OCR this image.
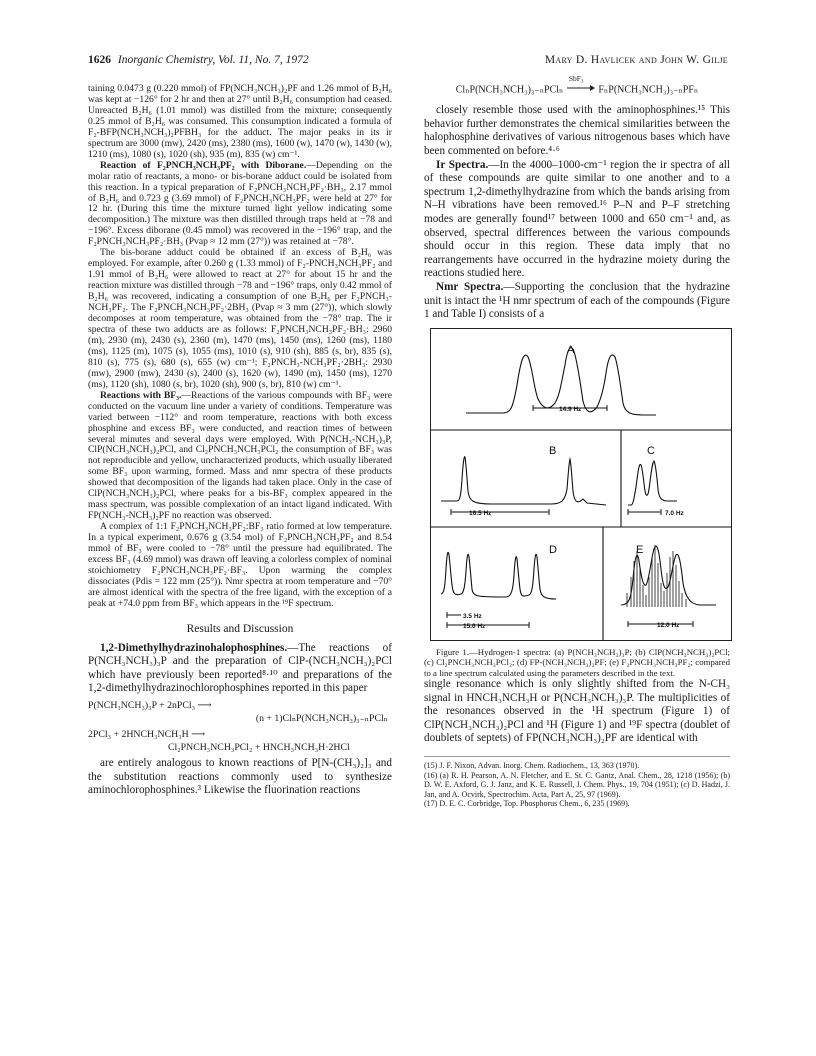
1626 Inorganic Chemistry, Vol. 11, No. 7, 1972	Mary D. Havlicek and John W. Gilje

taining 0.0473 g (0.220 mmol) of FP(NCH₃NCH₃)₂PF and 1.26 mmol of B₂H₆ was kept at −126° for 2 hr and then at 27° until B₂H₆ consumption had ceased. Unreacted B₂H₆ (1.01 mmol) was distilled from the mixture; consequently 0.25 mmol of B₂H₆ was consumed. This consumption indicated a formula of F₂-BFP(NCH₃NCH₃)₂PFBH₃ for the adduct. The major peaks in its ir spectrum are 3000 (mw), 2420 (ms), 2380 (ms), 1600 (w), 1470 (w), 1430 (w), 1210 (ms), 1080 (s), 1020 (sh), 935 (m), 835 (w) cm⁻¹.

Reaction of F₂PNCH₃NCH₃PF₂ with Diborane.—Depending on the molar ratio of reactants, a mono- or bis-borane adduct could be isolated from this reaction. In a typical preparation of F₂PNCH₃NCH₃PF₂·BH₃, 2.17 mmol of B₂H₆ and 0.723 g (3.69 mmol) of F₂PNCH₃NCH₃PF₂ were held at 27° for 12 hr. (During this time the mixture turned light yellow indicating some decomposition.) The mixture was then distilled through traps held at −78 and −196°. Excess diborane (0.45 mmol) was recovered in the −196° trap, and the F₂PNCH₃NCH₃PF₂·BH₃ (Pvap ≈ 12 mm (27°)) was retained at −78°.

The bis-borane adduct could be obtained if an excess of B₂H₆ was employed. For example, after 0.260 g (1.33 mmol) of F₂-PNCH₃NCH₃PF₂ and 1.91 mmol of B₂H₆ were allowed to react at 27° for about 15 hr and the reaction mixture was distilled through −78 and −196° traps, only 0.42 mmol of B₂H₆ was recovered, indicating a consumption of one B₂H₆ per F₂PNCH₃-NCH₃PF₂. The F₂PNCH₃NCH₃PF₂·2BH₃ (Pvap ≈ 3 mm (27°)), which slowly decomposes at room temperature, was obtained from the −78° trap. The ir spectra of these two adducts are as follows: F₂PNCH₃NCH₃PF₂·BH₃: 2960 (m), 2930 (m), 2430 (s), 2360 (m), 1470 (ms), 1450 (ms), 1260 (ms), 1180 (ms), 1125 (m), 1075 (s), 1055 (ms), 1010 (s), 910 (sh), 885 (s, br), 835 (s), 810 (s), 775 (s), 680 (s), 655 (w) cm⁻¹; F₂PNCH₃-NCH₃PF₂·2BH₃: 2930 (mw), 2900 (mw), 2430 (s), 2400 (s), 1620 (w), 1490 (m), 1450 (ms), 1270 (ms), 1120 (sh), 1080 (s, br), 1020 (sh), 900 (s, br), 810 (w) cm⁻¹.

Reactions with BF₃.—Reactions of the various compounds with BF₃ were conducted on the vacuum line under a variety of conditions. Temperature was varied between −112° and room temperature, reactions with both excess phosphine and excess BF₃ were conducted, and reaction times of between several minutes and several days were employed. With P(NCH₃-NCH₃)₃P, ClP(NCH₃NCH₃)₂PCl, and Cl₂PNCH₃NCH₃PCl₂ the consumption of BF₃ was not reproducible and yellow, uncharacterized products, which usually liberated some BF₃ upon warming, formed. Mass and nmr spectra of these products showed that decomposition of the ligands had taken place. Only in the case of ClP(NCH₃NCH₃)₂PCl, where peaks for a bis-BF₃ complex appeared in the mass spectrum, was possible complexation of an intact ligand indicated. With FP(NCH₃-NCH₃)₂PF no reaction was observed.

A complex of 1:1 F₂PNCH₃NCH₃PF₂:BF₃ ratio formed at low temperature. In a typical experiment, 0.676 g (3.54 mol) of F₂PNCH₃NCH₃PF₂ and 8.54 mmol of BF₃ were cooled to −78° until the pressure had equilibrated. The excess BF₃ (4.69 mmol) was drawn off leaving a colorless complex of nominal stoichiometry F₂PNCH₃NCH₃PF₂·BF₃. Upon warming the complex dissociates (Pdis = 122 mm (25°)). Nmr spectra at room temperature and −70° are almost identical with the spectra of the free ligand, with the exception of a peak at +74.0 ppm from BF₃ which appears in the ¹⁹F spectrum.

Results and Discussion

1,2-Dimethylhydrazinohalophosphines.—The reactions of P(NCH₃NCH₃)₃P and the preparation of ClP-(NCH₃NCH₃)₂PCl which have previously been reported⁸·¹⁰ and preparations of the 1,2-dimethylhydrazinochlorophosphines reported in this paper

P(NCH₃NCH₃)₃P + 2nPCl₃ ⟶
(n + 1)ClₙP(NCH₃NCH₃)₃₋ₙPClₙ
2PCl₃ + 2HNCH₃NCH₃H ⟶
Cl₂PNCH₃NCH₃PCl₂ + HNCH₃NCH₃H·2HCl

are entirely analogous to known reactions of P[N-(CH₃)₂]₃ and the substitution reactions commonly used to synthesize aminochlorophosphines.³ Likewise the fluorination reactions

ClₙP(NCH₃NCH₃)₃₋ₙPClₙ
SbF₃
FₙP(NCH₃NCH₃)₃₋ₙPFₙ

closely resemble those used with the aminophosphines.¹⁵ This behavior further demonstrates the chemical similarities between the halophosphine derivatives of various nitrogenous bases which have been commented on before.⁴·⁶

Ir Spectra.—In the 4000–1000-cm⁻¹ region the ir spectra of all of these compounds are quite similar to one another and to a spectrum 1,2-dimethylhydrazine from which the bands arising from N–H vibrations have been removed.¹⁶ P–N and P–F stretching modes are generally found¹⁷ between 1000 and 650 cm⁻¹ and, as observed, spectral differences between the various compounds should occur in this region. These data imply that no rearrangements have occurred in the hydrazine moiety during the reactions studied here.

Nmr Spectra.—Supporting the conclusion that the hydrazine unit is intact the ¹H nmr spectrum of each of the compounds (Figure 1 and Table I) consists of a

A
B	C
D	E
14.9 Hz
16.5 Hz	7.0 Hz
3.5 Hz
15.0 Hz	12.0 Hz

Figure 1.—Hydrogen-1 spectra: (a) P(NCH₃NCH₃)₃P; (b) ClP(NCH₃NCH₃)₂PCl; (c) Cl₂PNCH₃NCH₃PCl₂; (d) FP-(NCH₃NCH₃)₂PF; (e) F₂PNCH₃NCH₃PF₂; compared to a line spectrum calculated using the parameters described in the text.

single resonance which is only slightly shifted from the N-CH₃ signal in HNCH₃NCH₃H or P(NCH₃NCH₃)₃P. The multiplicities of the resonances observed in the ¹H spectrum (Figure 1) of ClP(NCH₃NCH₃)₂PCl and ¹H (Figure 1) and ¹⁹F spectra (doublet of doublets of septets) of FP(NCH₃NCH₃)₂PF are identical with

(15) J. F. Nixon, Advan. Inorg. Chem. Radiochem., 13, 363 (1970).
(16) (a) R. H. Pearson, A. N. Fletcher, and E. St. C. Gantz, Anal. Chem., 28, 1218 (1956); (b) D. W. E. Axford, G. J. Janz, and K. E. Russell, J. Chem. Phys., 19, 704 (1951); (c) D. Hadzi, J. Jan, and A. Ocvirk, Spectrochim. Acta, Part A, 25, 97 (1969).
(17) D. E. C. Corbridge, Top. Phosphorus Chem., 6, 235 (1969).
